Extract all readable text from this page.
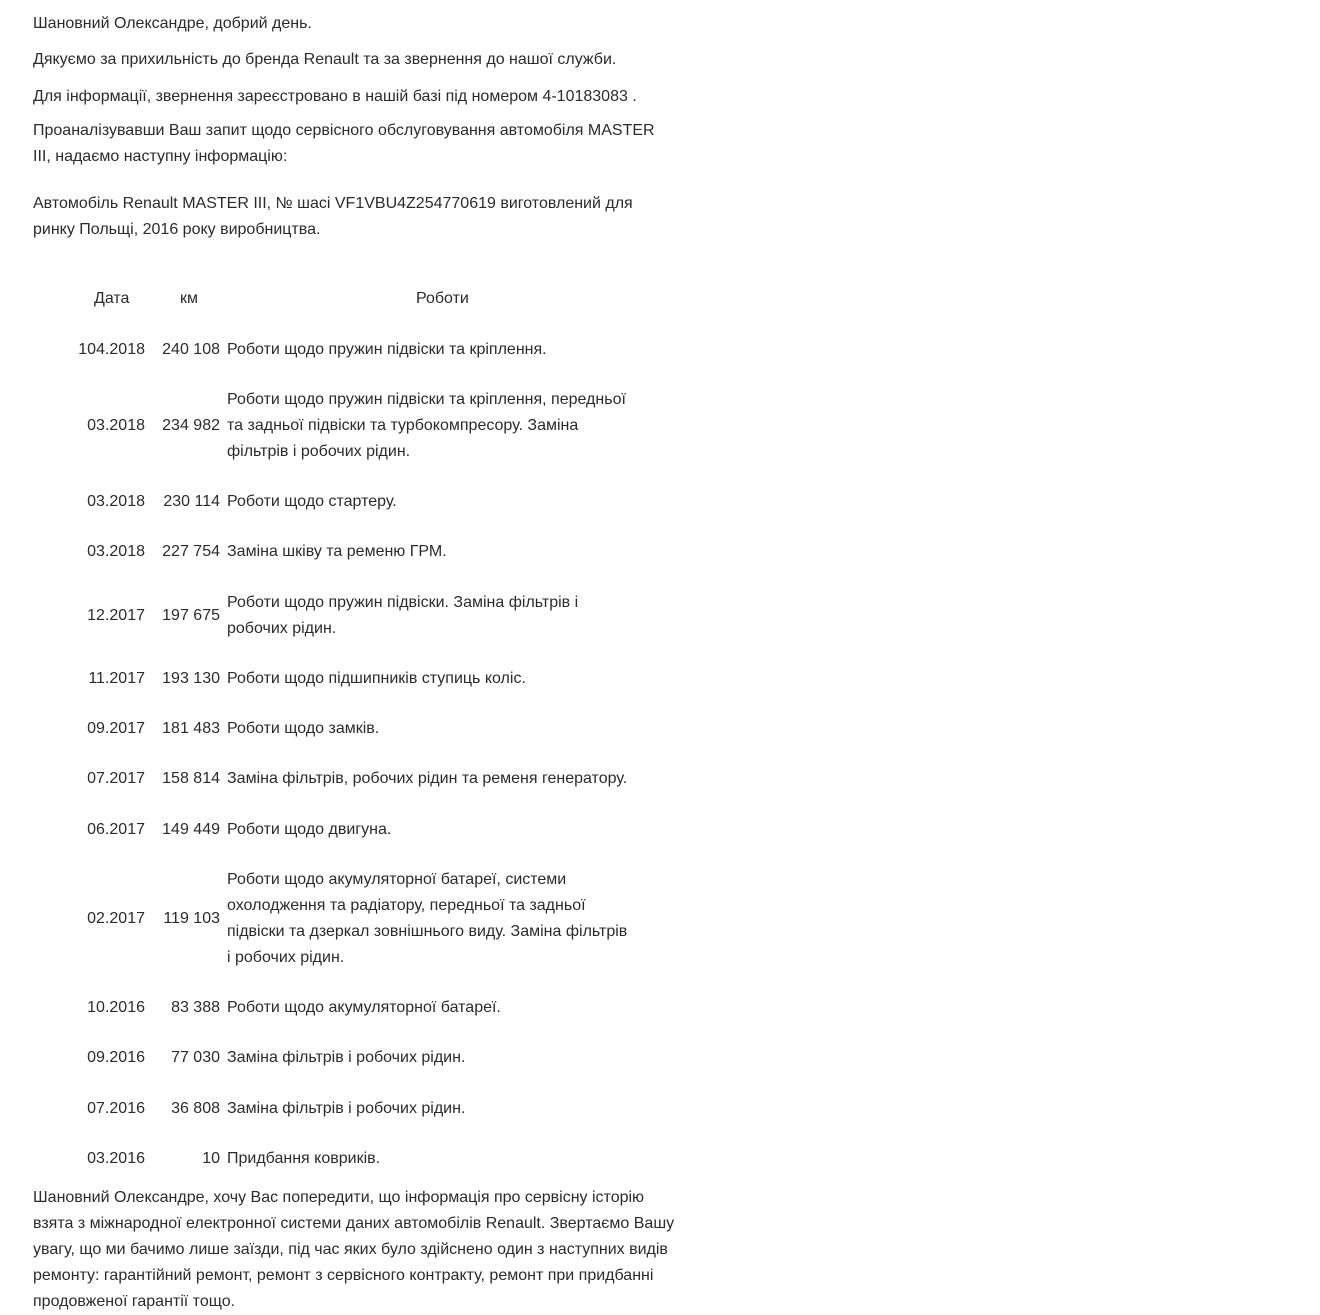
Шановний Олександре, добрий день.

Дякуємо за прихильність до бренда Renault та за звернення до нашої служби.

Для інформації, звернення зареєстровано в нашій базі під номером 4-10183083 .

Проаналізувавши Ваш запит щодо сервісного обслуговування автомобіля MASTER
III, надаємо наступну інформацію:

Автомобіль Renault MASTER III, № шасі VF1VBU4Z254770619 виготовлений для
ринку Польщі, 2016 року виробництва.

Дата	км	Роботи
104.2018	240 108 Роботи щодо пружин підвіски та кріплення.
03.2018	234 982
Роботи щодо пружин підвіски та кріплення, передньої
та задньої підвіски та турбокомпресору. Заміна
фільтрів і робочих рідин.
03.2018	230 114 Роботи щодо стартеру.
03.2018	227 754 Заміна шківу та ременю ГРМ.
12.2017	197 675
Роботи щодо пружин підвіски. Заміна фільтрів і
робочих рідин.
11.2017	193 130 Роботи щодо підшипників ступиць коліс.
09.2017	181 483 Роботи щодо замків.
07.2017	158 814 Заміна фільтрів, робочих рідин та ременя генератору.
06.2017	149 449 Роботи щодо двигуна.
02.2017	119 103
Роботи щодо акумуляторної батареї, системи
охолодження та радіатору, передньої та задньої
підвіски та дзеркал зовнішнього виду. Заміна фільтрів
і робочих рідин.
10.2016	83 388 Роботи щодо акумуляторної батареї.
09.2016	77 030 Заміна фільтрів і робочих рідин.
07.2016	36 808 Заміна фільтрів і робочих рідин.
03.2016	10 Придбання ковриків.

Шановний Олександре, хочу Вас попередити, що інформація про сервісну історію
взята з міжнародної електронної системи даних автомобілів Renault. Звертаємо Вашу
увагу, що ми бачимо лише заїзди, під час яких було здійснено один з наступних видів
ремонту: гарантійний ремонт, ремонт з сервісного контракту, ремонт при придбанні
продовженої гарантії тощо.
